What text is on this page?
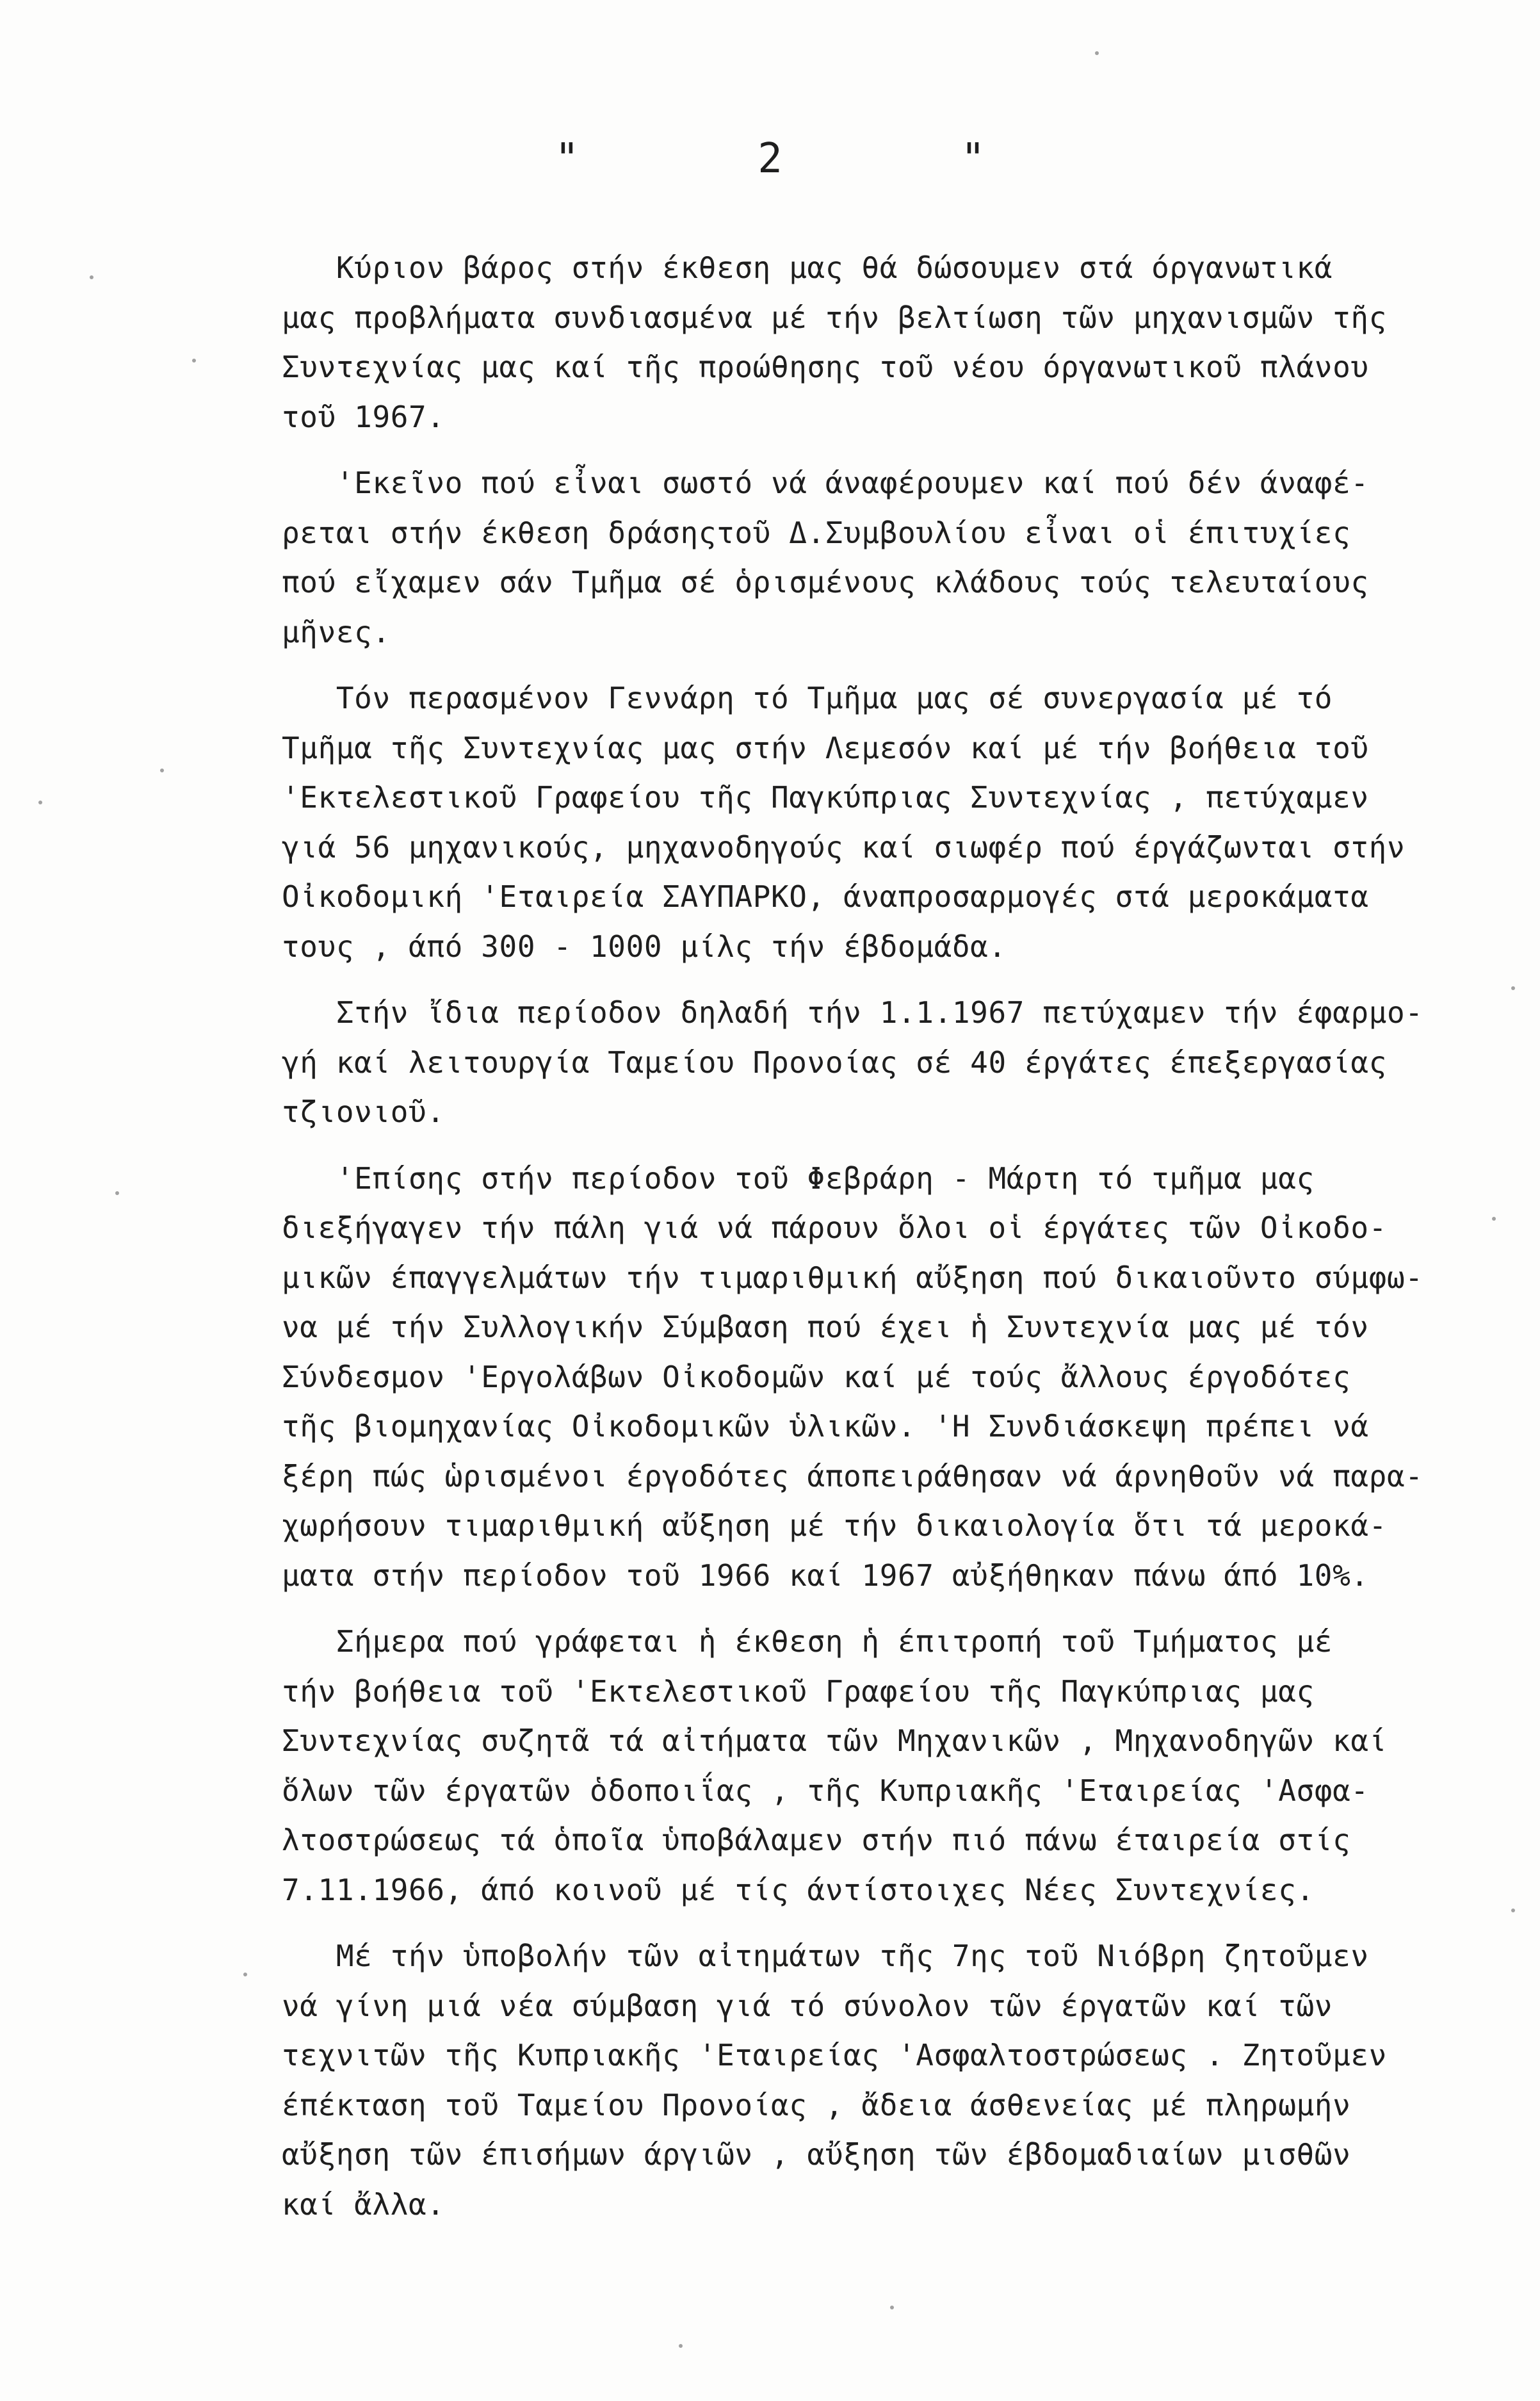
" 2 "
Κύριον βάρος στήν έκθεση μας θά δώσουμεν στά όργανωτικά
μας προβλήματα συνδιασμένα μέ τήν βελτίωση τῶν μηχανισμῶν τῆς
Συντεχνίας μας καί τῆς προώθησης τοῦ νέου όργανωτικοῦ πλάνου
τοῦ 1967.
'Εκεῖνο πού εἶναι σωστό νά άναφέρουμεν καί πού δέν άναφέ-
ρεται στήν έκθεση δράσηςτοῦ Δ.Συμβουλίου εἶναι οἱ έπιτυχίες
πού εἴχαμεν σάν Τμῆμα σέ ὁρισμένους κλάδους τούς τελευταίους
μῆνες.
Τόν περασμένον Γεννάρη τό Τμῆμα μας σέ συνεργασία μέ τό
Τμῆμα τῆς Συντεχνίας μας στήν Λεμεσόν καί μέ τήν βοήθεια τοῦ
'Εκτελεστικοῦ Γραφείου τῆς Παγκύπριας Συντεχνίας , πετύχαμεν
γιά 56 μηχανικούς, μηχανοδηγούς καί σιωφέρ πού έργάζωνται στήν
Οἰκοδομική 'Εταιρεία ΣΑΥΠΑΡΚΟ, άναπροσαρμογές στά μεροκάματα
τους , άπό 300 - 1000 μίλς τήν έβδομάδα.
Στήν ἴδια περίοδον δηλαδή τήν 1.1.1967 πετύχαμεν τήν έφαρμο-
γή καί λειτουργία Ταμείου Προνοίας σέ 40 έργάτες έπεξεργασίας
τζιονιοῦ.
'Επίσης στήν περίοδον τοῦ Φεβράρη - Μάρτη τό τμῆμα μας
διεξήγαγεν τήν πάλη γιά νά πάρουν ὅλοι οἱ έργάτες τῶν Οἰκοδο-
μικῶν έπαγγελμάτων τήν τιμαριθμική αὔξηση πού δικαιοῦντο σύμφω-
να μέ τήν Συλλογικήν Σύμβαση πού έχει ἡ Συντεχνία μας μέ τόν
Σύνδεσμον 'Εργολάβων Οἰκοδομῶν καί μέ τούς ἄλλους έργοδότες
τῆς βιομηχανίας Οἰκοδομικῶν ὑλικῶν. 'Η Συνδιάσκεψη πρέπει νά
ξέρη πώς ὡρισμένοι έργοδότες άποπειράθησαν νά άρνηθοῦν νά παρα-
χωρήσουν τιμαριθμική αὔξηση μέ τήν δικαιολογία ὅτι τά μεροκά-
ματα στήν περίοδον τοῦ 1966 καί 1967 αὐξήθηκαν πάνω άπό 10%.
Σήμερα πού γράφεται ἡ έκθεση ἡ έπιτροπή τοῦ Τμήματος μέ
τήν βοήθεια τοῦ 'Εκτελεστικοῦ Γραφείου τῆς Παγκύπριας μας
Συντεχνίας συζητᾶ τά αἰτήματα τῶν Μηχανικῶν , Μηχανοδηγῶν καί
ὅλων τῶν έργατῶν ὁδοποιΐας , τῆς Κυπριακῆς 'Εταιρείας 'Ασφα-
λτοστρώσεως τά ὁποῖα ὑποβάλαμεν στήν πιό πάνω έταιρεία στίς
7.11.1966, άπό κοινοῦ μέ τίς άντίστοιχες Νέες Συντεχνίες.
Μέ τήν ὑποβολήν τῶν αἰτημάτων τῆς 7ης τοῦ Νιόβρη ζητοῦμεν
νά γίνη μιά νέα σύμβαση γιά τό σύνολον τῶν έργατῶν καί τῶν
τεχνιτῶν τῆς Κυπριακῆς 'Εταιρείας 'Ασφαλτοστρώσεως . Ζητοῦμεν
έπέκταση τοῦ Ταμείου Προνοίας , ἄδεια άσθενείας μέ πληρωμήν
αὔξηση τῶν έπισήμων άργιῶν , αὔξηση τῶν έβδομαδιαίων μισθῶν
καί ἄλλα.
